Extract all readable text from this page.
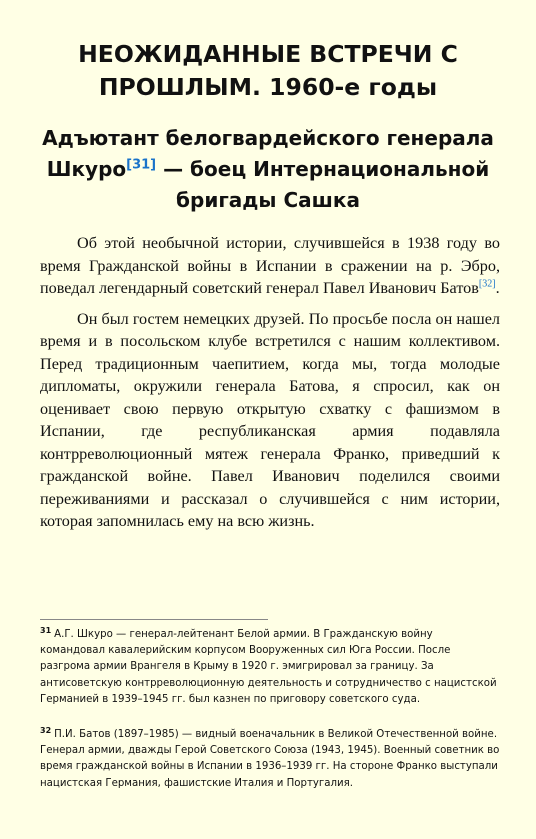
НЕОЖИДАННЫЕ ВСТРЕЧИ С
ПРОШЛЫМ. 1960-е годы
Адъютант белогвардейского генерала
Шкуро[31] — боец Интернациональной
бригады Сашка

Об этой необычной истории, случившейся в 1938 году во время Гражданской войны в Испании в сражении на р. Эбро, поведал легендарный советский генерал Павел Иванович Батов[32].

Он был гостем немецких друзей. По просьбе посла он нашел время и в посольском клубе встретился с нашим коллективом. Перед традиционным чаепитием, когда мы, тогда молодые дипломаты, окружили генерала Батова, я спросил, как он оценивает свою первую открытую схватку с фашизмом в Испании, где республиканская армия подавляла контрреволюционный мятеж генерала Франко, приведший к гражданской войне. Павел Иванович поделился своими переживаниями и рассказал о случившейся с ним истории, которая запомнилась ему на всю жизнь.

$^{31}$ А.Г. Шкуро — генерал-лейтенант Белой армии. В Гражданскую войну командовал кавалерийским корпусом Вооруженных сил Юга России. После разгрома армии Врангеля в Крыму в 1920 г. эмигрировал за границу. За антисоветскую контрреволюционную деятельность и сотрудничество с нацистской Германией в 1939–1945 гг. был казнен по приговору советского суда.
$^{32}$ П.И. Батов (1897–1985) — видный военачальник в Великой Отечественной войне. Генерал армии, дважды Герой Советского Союза (1943, 1945). Военный советник во время гражданской войны в Испании в 1936–1939 гг. На стороне Франко выступали нацистская Германия, фашистские Италия и Португалия.
